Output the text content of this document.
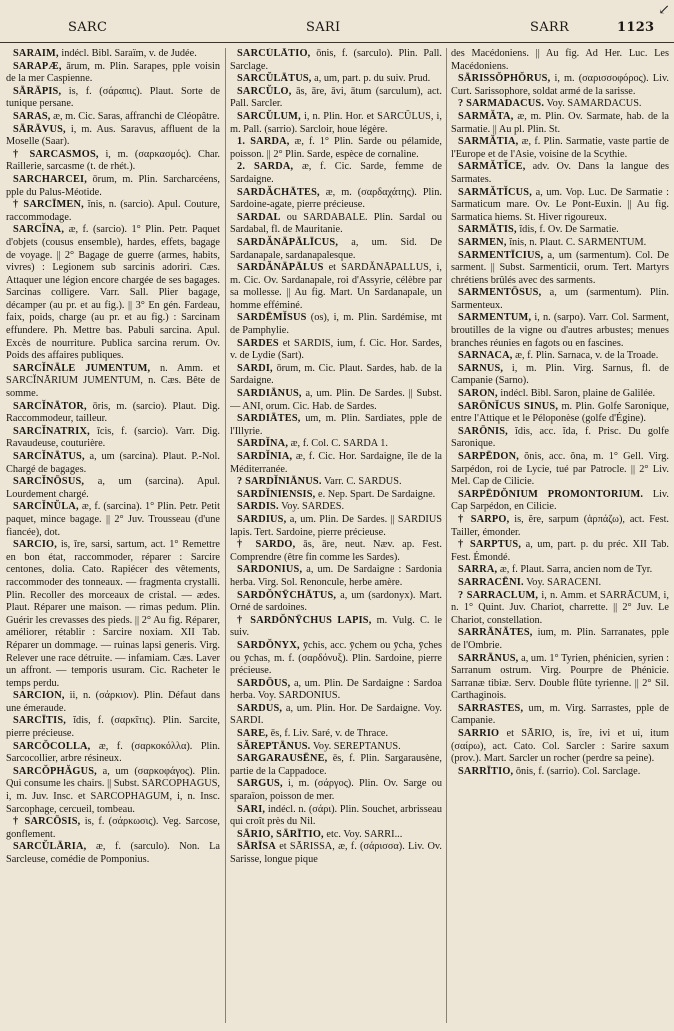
↙
SARC	SARI	SARR	1123

SARAIM, indécl. Bibl. Saraïm, v. de Judée.

SARAPÆ, ārum, m. Plin. Sarapes, pple voisin de la mer Caspienne.

SĀRĀPIS, is, f. (σάραπις). Plaut. Sorte de tunique persane.

SARAS, æ, m. Cic. Saras, affranchi de Cléopâtre.

SĀRĀVUS, i, m. Aus. Saravus, affluent de la Moselle (Saar).

† SARCASMOS, i, m. (σαρκασμός). Char. Raillerie, sarcasme (t. de rhét.).

SARCHARCEI, ōrum, m. Plin. Sarcharcéens, pple du Palus-Méotide.

† SARCĪMEN, ĭnis, n. (sarcio). Apul. Couture, raccommodage.

SARCĬNA, æ, f. (sarcio). 1° Plin. Petr. Paquet d'objets (cousus ensemble), hardes, effets, bagage de voyage. || 2° Bagage de guerre (armes, habits, vivres) : Legionem sub sarcinis adoriri. Cæs. Attaquer une légion encore chargée de ses bagages. Sarcinas colligere. Varr. Sall. Plier bagage, décamper (au pr. et au fig.). || 3° En gén. Fardeau, faix, poids, charge (au pr. et au fig.) : Sarcinam effundere. Ph. Mettre bas. Pabuli sarcina. Apul. Excès de nourriture. Publica sarcina rerum. Ov. Poids des affaires publiques.

SARCĬNĀLE JUMENTUM, n. Amm. et SARCĬNĀRIUM JUMENTUM, n. Cæs. Bête de somme.

SARCĬNĀTOR, ōris, m. (sarcio). Plaut. Dig. Raccommodeur, tailleur.

SARCĬNATRIX, īcis, f. (sarcio). Varr. Dig. Ravaudeuse, couturière.

SARCĬNĀTUS, a, um (sarcina). Plaut. P.-Nol. Chargé de bagages.

SARCĬNŌSUS, a, um (sarcina). Apul. Lourdement chargé.

SARCĬNŬLA, æ, f. (sarcina). 1° Plin. Petr. Petit paquet, mince bagage. || 2° Juv. Trousseau (d'une fiancée), dot.

SARCIO, is, īre, sarsi, sartum, act. 1° Remettre en bon état, raccommoder, réparer : Sarcire centones, dolia. Cato. Rapiécer des vêtements, raccommoder des tonneaux. — fragmenta crystalli. Plin. Recoller des morceaux de cristal. — ædes. Plaut. Réparer une maison. — rimas pedum. Plin. Guérir les crevasses des pieds. || 2° Au fig. Réparer, améliorer, rétablir : Sarcire noxiam. XII Tab. Réparer un dommage. — ruinas lapsi generis. Virg. Relever une race détruite. — infamiam. Cæs. Laver un affront. — temporis usuram. Cic. Racheter le temps perdu.

SARCION, ii, n. (σάρκιον). Plin. Défaut dans une émeraude.

SARCĪTIS, ĭdis, f. (σαρκῖτις). Plin. Sarcite, pierre précieuse.

SARCŎCOLLA, æ, f. (σαρκοκόλλα). Plin. Sarcocollier, arbre résineux.

SARCŎPHĂGUS, a, um (σαρκοφάγος). Plin. Qui consume les chairs. || Subst. SARCOPHAGUS, i, m. Juv. Insc. et SARCOPHAGUM, i, n. Insc. Sarcophage, cercueil, tombeau.

† SARCŌSIS, is, f. (σάρκωσις). Veg. Sarcose, gonflement.

SARCŬLĀRIA, æ, f. (sarculo). Non. La Sarcleuse, comédie de Pomponius.

SARCŬLĀTIO, ōnis, f. (sarculo). Plin. Pall. Sarclage.

SARCŬLĀTUS, a, um, part. p. du suiv. Prud.

SARCŬLO, ās, āre, āvi, ātum (sarculum), act. Pall. Sarcler.

SARCŬLUM, i, n. Plin. Hor. et SARCŬLUS, i, m. Pall. (sarrio). Sarcloir, houe légère.

1. SARDA, æ, f. 1° Plin. Sarde ou pélamide, poisson. || 2° Plin. Sarde, espèce de cornaline.

2. SARDA, æ, f. Cic. Sarde, femme de Sardaigne.

SARDĂCHĀTES, æ, m. (σαρδαχάτης). Plin. Sardoine-agate, pierre précieuse.

SARDAL ou SARDABALE. Plin. Sardal ou Sardabal, fl. de Mauritanie.

SARDĂNĀPĀLĪCUS, a, um. Sid. De Sardanapale, sardanapalesque.

SARDĂNĀPĀLUS et SARDĂNĀPALLUS, i, m. Cic. Ov. Sardanapale, roi d'Assyrie, célèbre par sa mollesse. || Au fig. Mart. Un Sardanapale, un homme efféminé.

SARDĒMĬSUS (os), i, m. Plin. Sardémise, mt de Pamphylie.

SARDES et SARDIS, ium, f. Cic. Hor. Sardes, v. de Lydie (Sart).

SARDI, ōrum, m. Cic. Plaut. Sardes, hab. de la Sardaigne.

SARDIĀNUS, a, um. Plin. De Sardes. || Subst. — ANI, orum. Cic. Hab. de Sardes.

SARDIĀTES, um, m. Plin. Sardiates, pple de l'Illyrie.

SARDĬNA, æ, f. Col. C. SARDA 1.

SARDĬNIA, æ, f. Cic. Hor. Sardaigne, île de la Méditerranée.

? SARDĬNIĀNUS. Varr. C. SARDUS.

SARDĬNIENSIS, e. Nep. Spart. De Sardaigne.

SARDIS. Voy. SARDES.

SARDIUS, a, um. Plin. De Sardes. || SARDIUS lapis. Tert. Sardoine, pierre précieuse.

† SARDO, ās, āre, neut. Næv. ap. Fest. Comprendre (être fin comme les Sardes).

SARDONIUS, a, um. De Sardaigne : Sardonia herba. Virg. Sol. Renoncule, herbe amère.

SARDŎNȲCHĀTUS, a, um (sardonyx). Mart. Orné de sardoines.

† SARDŎNȲCHUS LAPIS, m. Vulg. C. le suiv.

SARDŎNYX, ȳchis, acc. ȳchem ou ȳcha, ȳches ou ȳchas, m. f. (σαρδόνυξ). Plin. Sardoine, pierre précieuse.

SARDŌUS, a, um. Plin. De Sardaigne : Sardoa herba. Voy. SARDONIUS.

SARDUS, a, um. Plin. Hor. De Sardaigne. Voy. SARDI.

SARE, ēs, f. Liv. Saré, v. de Thrace.

SĂREPTĀNUS. Voy. SEREPTANUS.

SARGARAUSĒNE, ēs, f. Plin. Sargarausène, partie de la Cappadoce.

SARGUS, i, m. (σάργος). Plin. Ov. Sarge ou sparaïon, poisson de mer.

SARI, indécl. n. (σάρι). Plin. Souchet, arbrisseau qui croît près du Nil.

SĀRIO, SĀRĪTIO, etc. Voy. SARRI...

SĀRĪSA et SĀRISSA, æ, f. (σάρισσα). Liv. Ov. Sarisse, longue pique

des Macédoniens. || Au fig. Ad Her. Luc. Les Macédoniens.

SĀRISSŎPHŎRUS, i, m. (σαρισσοφόρος). Liv. Curt. Sarissophore, soldat armé de la sarisse.

? SARMADACUS. Voy. SAMARDACUS.

SARMĂTA, æ, m. Plin. Ov. Sarmate, hab. de la Sarmatie. || Au pl. Plin. St.

SARMĂTIA, æ, f. Plin. Sarmatie, vaste partie de l'Europe et de l'Asie, voisine de la Scythie.

SARMĂTĬCE, adv. Ov. Dans la langue des Sarmates.

SARMĂTĬCUS, a, um. Vop. Luc. De Sarmatie : Sarmaticum mare. Ov. Le Pont-Euxin. || Au fig. Sarmatica hiems. St. Hiver rigoureux.

SARMĀTIS, ĭdis, f. Ov. De Sarmatie.

SARMEN, ĭnis, n. Plaut. C. SARMENTUM.

SARMENTĪCIUS, a, um (sarmentum). Col. De sarment. || Subst. Sarmenticii, orum. Tert. Martyrs chrétiens brûlés avec des sarments.

SARMENTŌSUS, a, um (sarmentum). Plin. Sarmenteux.

SARMENTUM, i, n. (sarpo). Varr. Col. Sarment, broutilles de la vigne ou d'autres arbustes; menues branches réunies en fagots ou en fascines.

SARNACA, æ, f. Plin. Sarnaca, v. de la Troade.

SARNUS, i, m. Plin. Virg. Sarnus, fl. de Campanie (Sarno).

SARON, indécl. Bibl. Saron, plaine de Galilée.

SARŌNĬCUS SINUS, m. Plin. Golfe Saronique, entre l'Attique et le Péloponèse (golfe d'Égine).

SARŌNIS, ĭdis, acc. ĭda, f. Prisc. Du golfe Saronique.

SARPĒDON, ŏnis, acc. ŏna, m. 1° Gell. Virg. Sarpédon, roi de Lycie, tué par Patrocle. || 2° Liv. Mel. Cap de Cilicie.

SARPĒDŎNIUM PROMONTORIUM. Liv. Cap Sarpédon, en Cilicie.

† SARPO, is, ĕre, sarpum (ἁρπάζω), act. Fest. Tailler, émonder.

† SARPTUS, a, um, part. p. du préc. XII Tab. Fest. Émondé.

SARRA, æ, f. Plaut. Sarra, ancien nom de Tyr.

SARRACĒNI. Voy. SARACENI.

? SARRACLUM, i, n. Amm. et SARRĀCUM, i, n. 1° Quint. Juv. Chariot, charrette. || 2° Juv. Le Chariot, constellation.

SARRĀNĀTES, ium, m. Plin. Sarranates, pple de l'Ombrie.

SARRĀNUS, a, um. 1° Tyrien, phénicien, syrien : Sarranum ostrum. Virg. Pourpre de Phénicie. Sarranæ tibiæ. Serv. Double flûte tyrienne. || 2° Sil. Carthaginois.

SARRASTES, um, m. Virg. Sarrastes, pple de Campanie.

SARRIO et SĀRIO, is, īre, ivi et ui, itum (σαίρω), act. Cato. Col. Sarcler : Sarire saxum (prov.). Mart. Sarcler un rocher (perdre sa peine).

SARRĪTIO, ōnis, f. (sarrio). Col. Sarclage.
